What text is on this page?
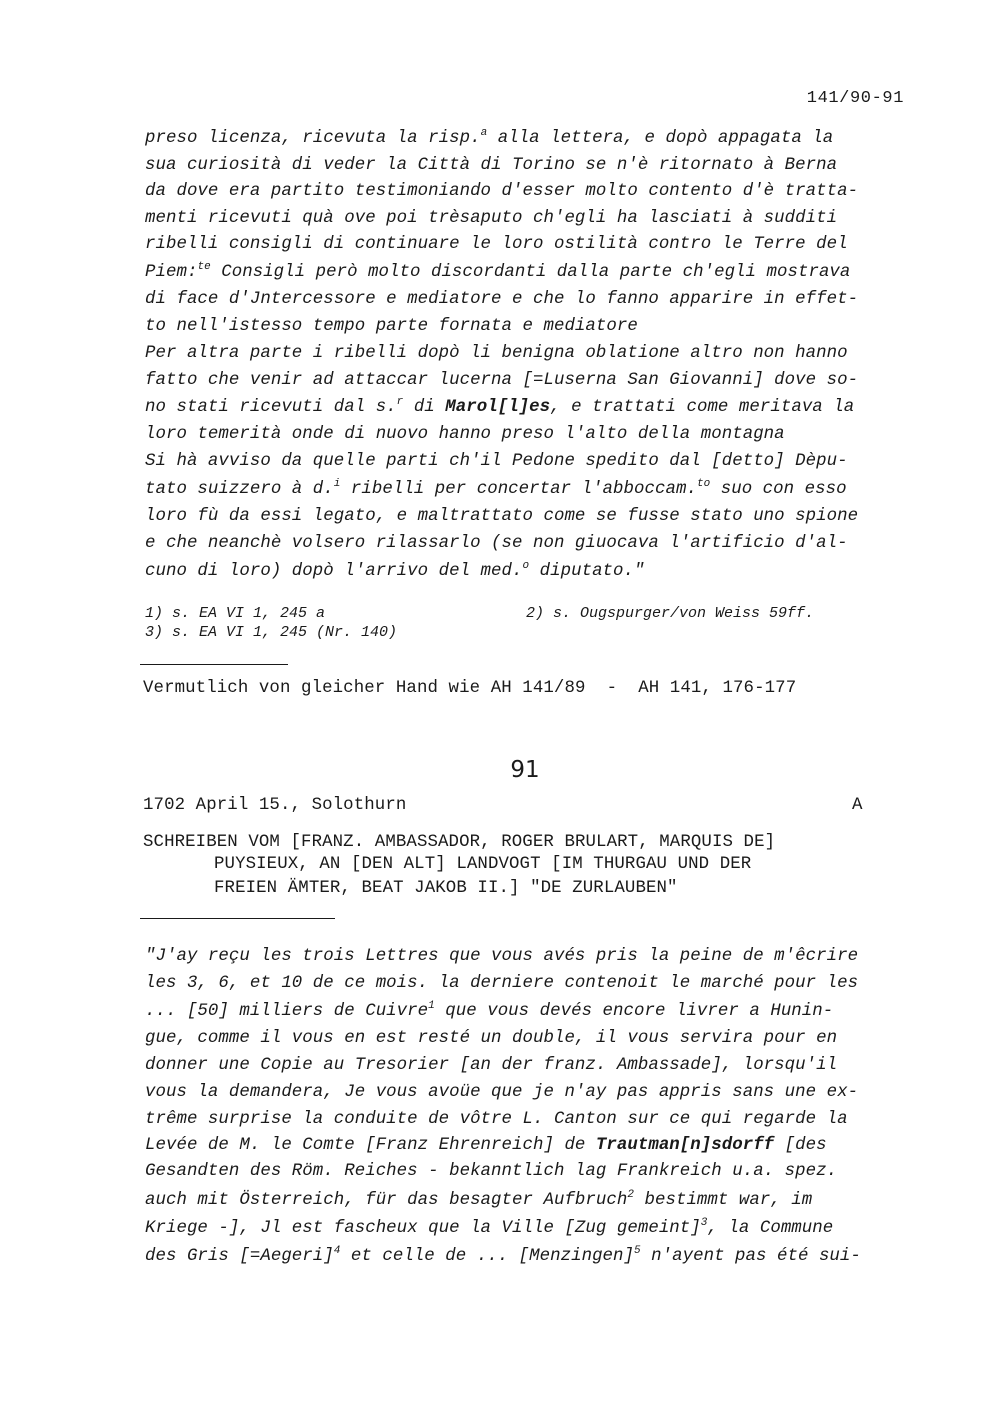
141/90-91
preso licenza, ricevuta la risp.$^a$ alla lettera, e dopò appagata la
sua curiosità di veder la Città di Torino se n'è ritornato à Berna
da dove era partito testimoniando d'esser molto contento d'è tratta-
menti ricevuti quà ove poi trèsaputo ch'egli ha lasciati à sudditi
ribelli consigli di continuare le loro ostilità contro le Terre del
Piem:$^{te}$ Consigli però molto discordanti dalla parte ch'egli mostrava
di face d'Jntercessore e mediatore e che lo fanno apparire in effet-
to nell'istesso tempo parte fornata e mediatore
Per altra parte i ribelli dopò li benigna oblatione altro non hanno
fatto che venir ad attaccar lucerna [=Luserna San Giovanni] dove so-
no stati ricevuti dal s.$^r$ di Marol[l]es, e trattati come meritava la
loro temerità onde di nuovo hanno preso l'alto della montagna
Si hà avviso da quelle parti ch'il Pedone spedito dal [detto] Dèpu-
tato suizzero à d.$^i$ ribelli per concertar l'abboccam.$^{to}$ suo con esso
loro fù da essi legato, e maltrattato come se fusse stato uno spione
e che neanchè volsero rilassarlo (se non giuocava l'artificio d'al-
cuno di loro) dopò l'arrivo del med.$^o$ diputato."
1) s. EA VI 1, 245 a	2) s. Ougspurger/von Weiss 59ff.
3) s. EA VI 1, 245 (Nr. 140)
Vermutlich von gleicher Hand wie AH 141/89  -  AH 141, 176-177
91
1702 April 15., Solothurn	A
SCHREIBEN VOM [FRANZ. AMBASSADOR, ROGER BRULART, MARQUIS DE]
PUYSIEUX, AN [DEN ALT] LANDVOGT [IM THURGAU UND DER
FREIEN ÄMTER, BEAT JAKOB II.] "DE ZURLAUBEN"
"J'ay reçu les trois Lettres que vous avés pris la peine de m'êcrire
les 3, 6, et 10 de ce mois. la derniere contenoit le marché pour les
... [50] milliers de Cuivre$^1$ que vous devés encore livrer a Hunin-
gue, comme il vous en est resté un double, il vous servira pour en
donner une Copie au Tresorier [an der franz. Ambassade], lorsqu'il
vous la demandera, Je vous avoüe que je n'ay pas appris sans une ex-
trême surprise la conduite de vôtre L. Canton sur ce qui regarde la
Levée de M. le Comte [Franz Ehrenreich] de Trautman[n]sdorff [des
Gesandten des Röm. Reiches - bekanntlich lag Frankreich u.a. spez.
auch mit Österreich, für das besagter Aufbruch$^2$ bestimmt war, im
Kriege -], Jl est fascheux que la Ville [Zug gemeint]$^3$, la Commune
des Gris [=Aegeri]$^4$ et celle de ... [Menzingen]$^5$ n'ayent pas été sui-
